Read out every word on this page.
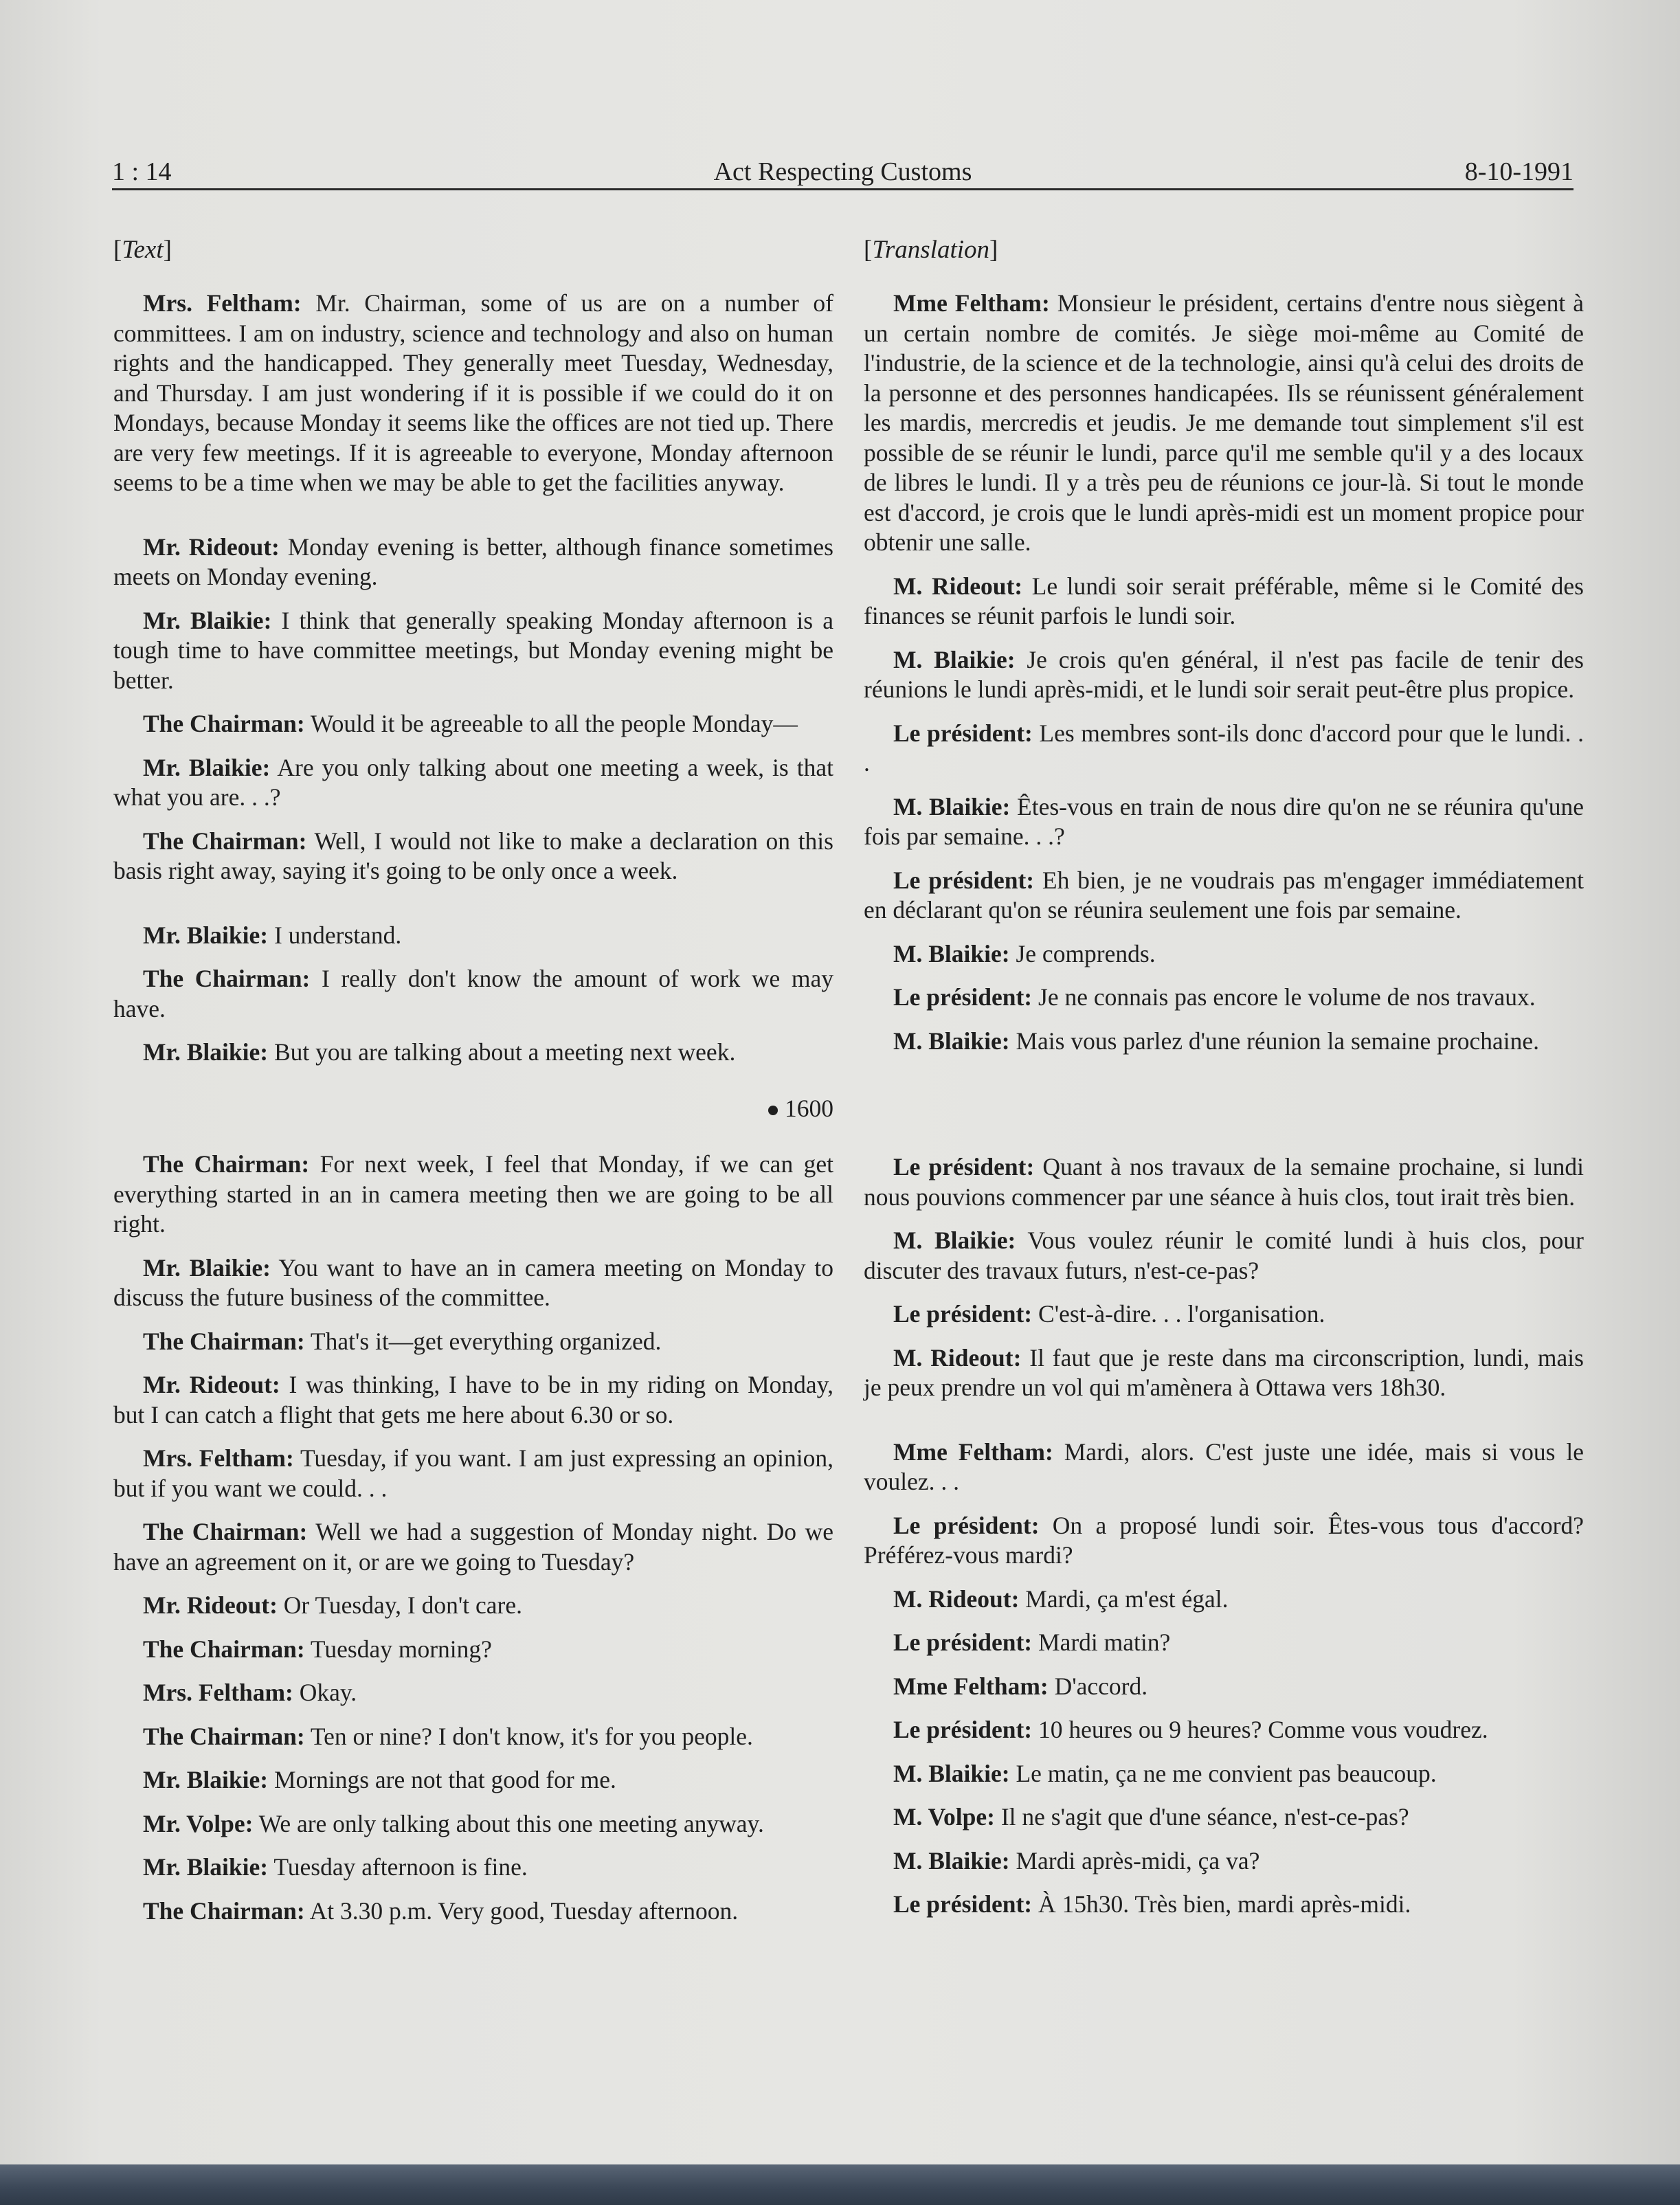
1 : 14	Act Respecting Customs	8-10-1991
[Text]

Mrs. Feltham: Mr. Chairman, some of us are on a number of committees. I am on industry, science and technology and also on human rights and the handicapped. They generally meet Tuesday, Wednesday, and Thursday. I am just wondering if it is possible if we could do it on Mondays, because Monday it seems like the offices are not tied up. There are very few meetings. If it is agreeable to everyone, Monday afternoon seems to be a time when we may be able to get the facilities anyway.

Mr. Rideout: Monday evening is better, although finance sometimes meets on Monday evening.

Mr. Blaikie: I think that generally speaking Monday afternoon is a tough time to have committee meetings, but Monday evening might be better.

The Chairman: Would it be agreeable to all the people Monday—

Mr. Blaikie: Are you only talking about one meeting a week, is that what you are. . .?

The Chairman: Well, I would not like to make a declaration on this basis right away, saying it's going to be only once a week.

Mr. Blaikie: I understand.

The Chairman: I really don't know the amount of work we may have.

Mr. Blaikie: But you are talking about a meeting next week.

1600

The Chairman: For next week, I feel that Monday, if we can get everything started in an in camera meeting then we are going to be all right.

Mr. Blaikie: You want to have an in camera meeting on Monday to discuss the future business of the committee.

The Chairman: That's it—get everything organized.

Mr. Rideout: I was thinking, I have to be in my riding on Monday, but I can catch a flight that gets me here about 6.30 or so.

Mrs. Feltham: Tuesday, if you want. I am just expressing an opinion, but if you want we could. . .

The Chairman: Well we had a suggestion of Monday night. Do we have an agreement on it, or are we going to Tuesday?

Mr. Rideout: Or Tuesday, I don't care.

The Chairman: Tuesday morning?

Mrs. Feltham: Okay.

The Chairman: Ten or nine? I don't know, it's for you people.

Mr. Blaikie: Mornings are not that good for me.

Mr. Volpe: We are only talking about this one meeting anyway.

Mr. Blaikie: Tuesday afternoon is fine.

The Chairman: At 3.30 p.m. Very good, Tuesday afternoon.

[Translation]

Mme Feltham: Monsieur le président, certains d'entre nous siègent à un certain nombre de comités. Je siège moi-même au Comité de l'industrie, de la science et de la technologie, ainsi qu'à celui des droits de la personne et des personnes handicapées. Ils se réunissent généralement les mardis, mercredis et jeudis. Je me demande tout simplement s'il est possible de se réunir le lundi, parce qu'il me semble qu'il y a des locaux de libres le lundi. Il y a très peu de réunions ce jour-là. Si tout le monde est d'accord, je crois que le lundi après-midi est un moment propice pour obtenir une salle.

M. Rideout: Le lundi soir serait préférable, même si le Comité des finances se réunit parfois le lundi soir.

M. Blaikie: Je crois qu'en général, il n'est pas facile de tenir des réunions le lundi après-midi, et le lundi soir serait peut-être plus propice.

Le président: Les membres sont-ils donc d'accord pour que le lundi. . .

M. Blaikie: Êtes-vous en train de nous dire qu'on ne se réunira qu'une fois par semaine. . .?

Le président: Eh bien, je ne voudrais pas m'engager immédiatement en déclarant qu'on se réunira seulement une fois par semaine.

M. Blaikie: Je comprends.

Le président: Je ne connais pas encore le volume de nos travaux.

M. Blaikie: Mais vous parlez d'une réunion la semaine prochaine.

Le président: Quant à nos travaux de la semaine prochaine, si lundi nous pouvions commencer par une séance à huis clos, tout irait très bien.

M. Blaikie: Vous voulez réunir le comité lundi à huis clos, pour discuter des travaux futurs, n'est-ce-pas?

Le président: C'est-à-dire. . . l'organisation.

M. Rideout: Il faut que je reste dans ma circonscription, lundi, mais je peux prendre un vol qui m'amènera à Ottawa vers 18h30.

Mme Feltham: Mardi, alors. C'est juste une idée, mais si vous le voulez. . .

Le président: On a proposé lundi soir. Êtes-vous tous d'accord? Préférez-vous mardi?

M. Rideout: Mardi, ça m'est égal.

Le président: Mardi matin?

Mme Feltham: D'accord.

Le président: 10 heures ou 9 heures? Comme vous voudrez.

M. Blaikie: Le matin, ça ne me convient pas beaucoup.

M. Volpe: Il ne s'agit que d'une séance, n'est-ce-pas?

M. Blaikie: Mardi après-midi, ça va?

Le président: À 15h30. Très bien, mardi après-midi.
